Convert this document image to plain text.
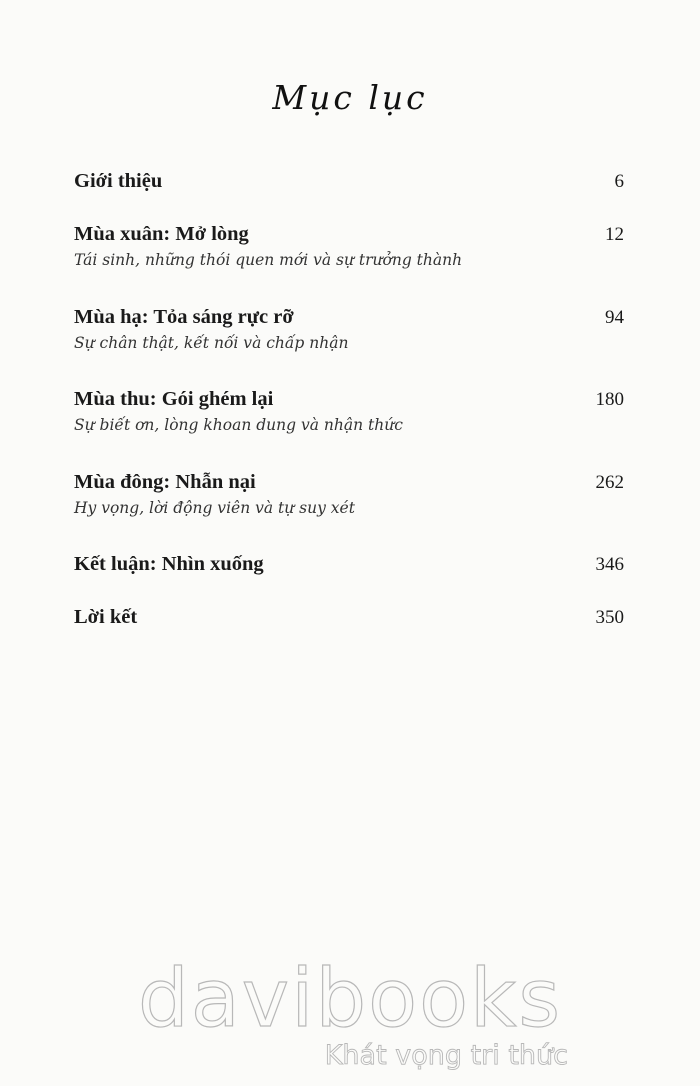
Mục lục
Giới thiệu	6
Mùa xuân: Mở lòng	12
Tái sinh, những thói quen mới và sự trưởng thành
Mùa hạ: Tỏa sáng rực rỡ	94
Sự chân thật, kết nối và chấp nhận
Mùa thu: Gói ghém lại	180
Sự biết ơn, lòng khoan dung và nhận thức
Mùa đông: Nhẫn nại	262
Hy vọng, lời động viên và tự suy xét
Kết luận: Nhìn xuống	346
Lời kết	350
davibooks
Khát vọng tri thức
